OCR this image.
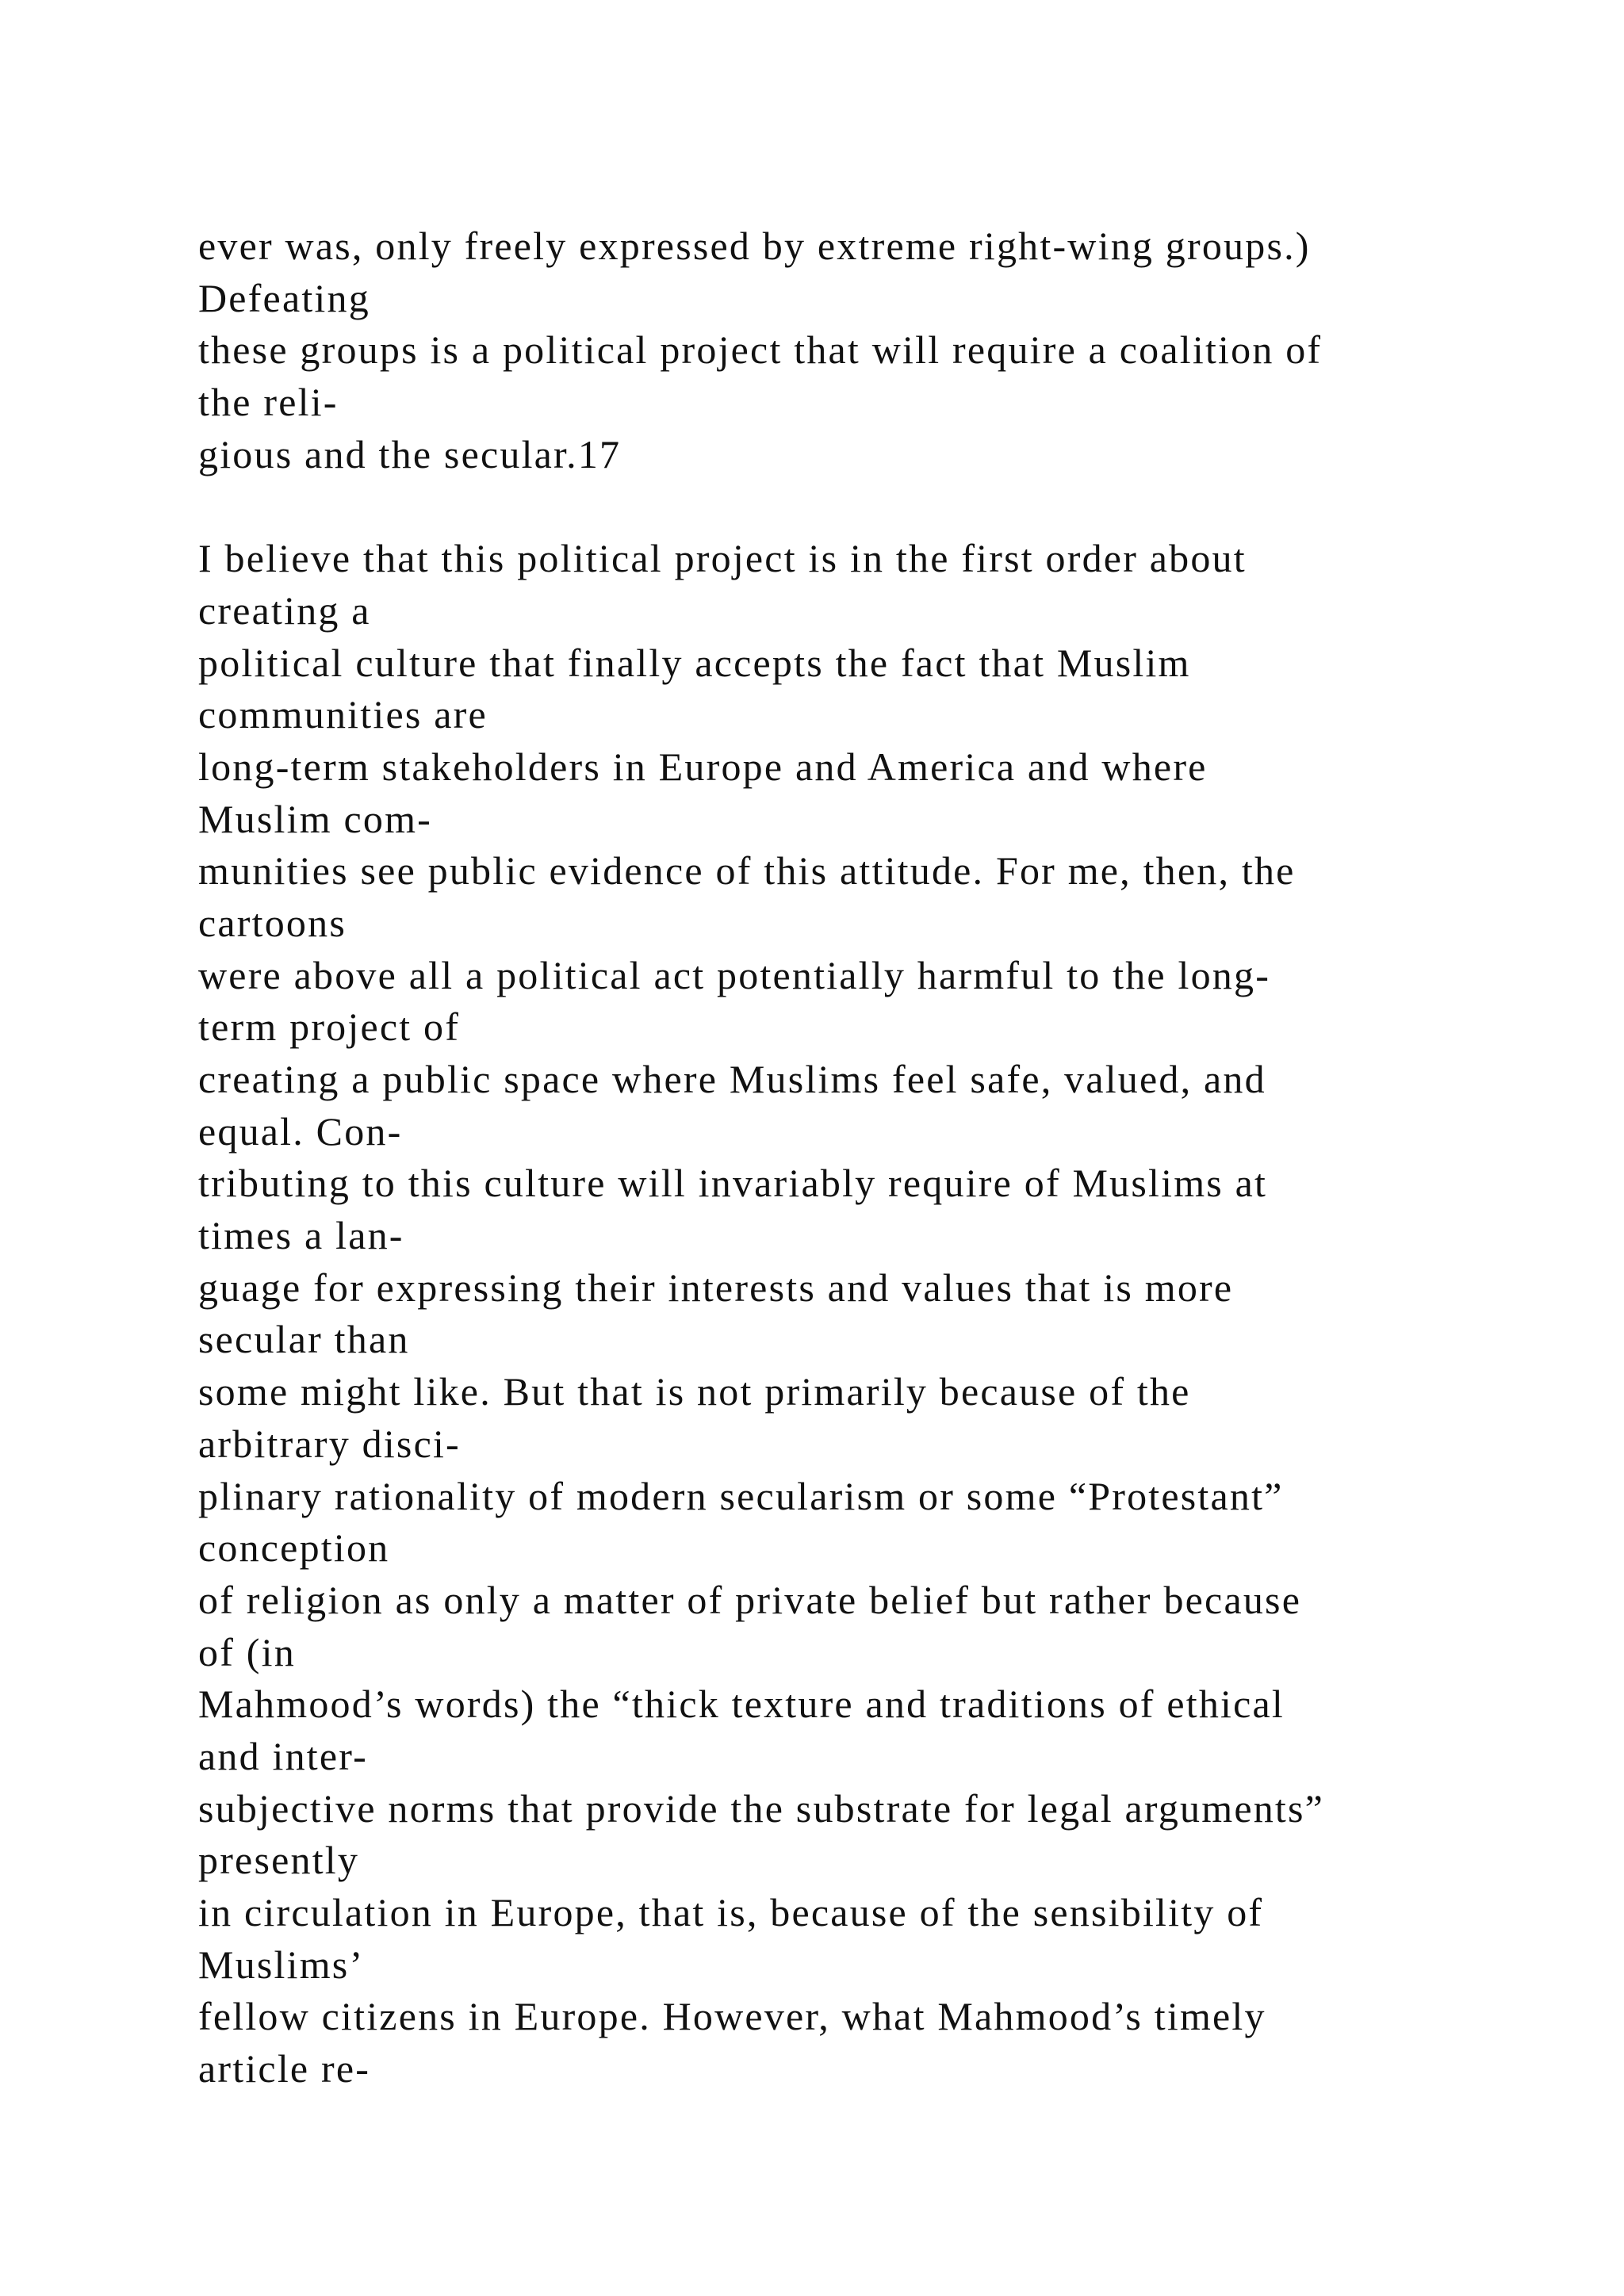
ever was, only freely expressed by extreme right-wing groups.)
Defeating
these groups is a political project that will require a coalition of
the reli-
gious and the secular.17
I believe that this political project is in the first order about
creating a
political culture that finally accepts the fact that Muslim
communities are
long-term stakeholders in Europe and America and where
Muslim com-
munities see public evidence of this attitude. For me, then, the
cartoons
were above all a political act potentially harmful to the long-
term project of
creating a public space where Muslims feel safe, valued, and
equal. Con-
tributing to this culture will invariably require of Muslims at
times a lan-
guage for expressing their interests and values that is more
secular than
some might like. But that is not primarily because of the
arbitrary disci-
plinary rationality of modern secularism or some “Protestant”
conception
of religion as only a matter of private belief but rather because
of (in
Mahmood’s words) the “thick texture and traditions of ethical
and inter-
subjective norms that provide the substrate for legal arguments”
presently
in circulation in Europe, that is, because of the sensibility of
Muslims’
fellow citizens in Europe. However, what Mahmood’s timely
article re-
